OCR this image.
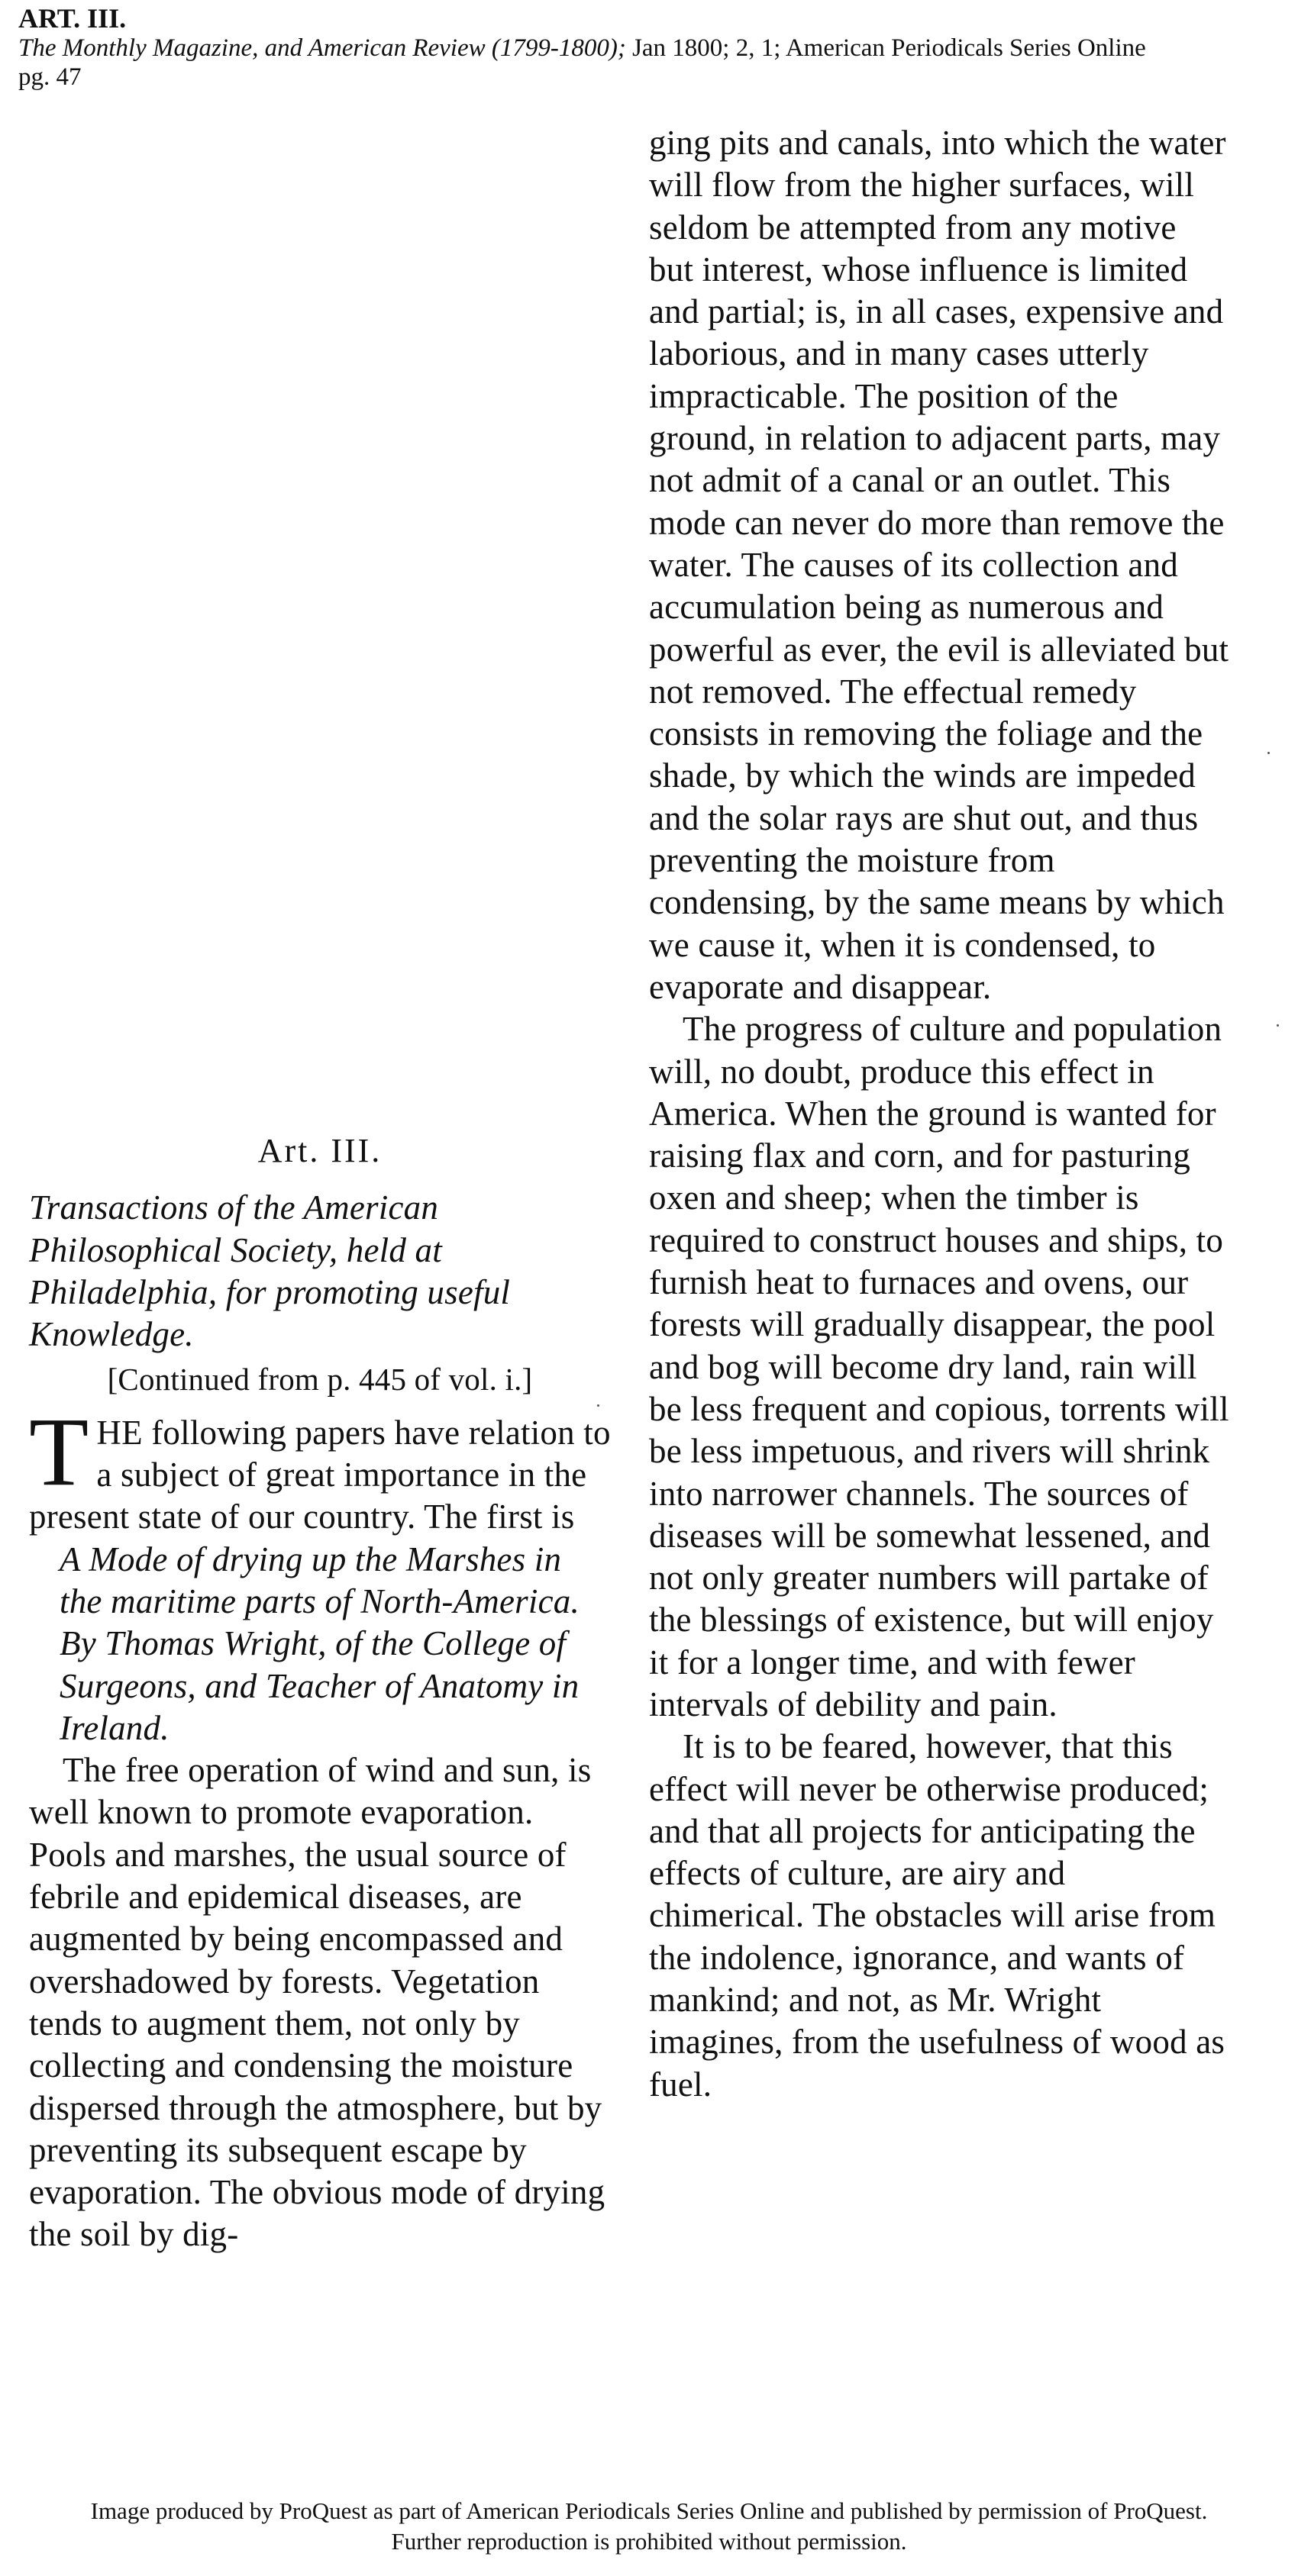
ART. III.
The Monthly Magazine, and American Review (1799-1800); Jan 1800; 2, 1; American Periodicals Series Online
pg. 47
Art. III.

Transactions of the American Philosophical Society, held at Philadelphia, for promoting useful Knowledge.

[Continued from p. 445 of vol. i.]

THE following papers have relation to a subject of great importance in the present state of our country. The first is

A Mode of drying up the Marshes in the maritime parts of North-America. By Thomas Wright, of the College of Surgeons, and Teacher of Anatomy in Ireland.

The free operation of wind and sun, is well known to promote evaporation. Pools and marshes, the usual source of febrile and epidemical diseases, are augmented by being encompassed and overshadowed by forests. Vegetation tends to augment them, not only by collecting and condensing the moisture dispersed through the atmosphere, but by preventing its subsequent escape by evaporation. The obvious mode of drying the soil by dig-

ging pits and canals, into which the water will flow from the higher surfaces, will seldom be attempted from any motive but interest, whose influence is limited and partial; is, in all cases, expensive and laborious, and in many cases utterly impracticable. The position of the ground, in relation to adjacent parts, may not admit of a canal or an outlet. This mode can never do more than remove the water. The causes of its collection and accumulation being as numerous and powerful as ever, the evil is alleviated but not removed. The effectual remedy consists in removing the foliage and the shade, by which the winds are impeded and the solar rays are shut out, and thus preventing the moisture from condensing, by the same means by which we cause it, when it is condensed, to evaporate and disappear.

The progress of culture and population will, no doubt, produce this effect in America. When the ground is wanted for raising flax and corn, and for pasturing oxen and sheep; when the timber is required to construct houses and ships, to furnish heat to furnaces and ovens, our forests will gradually disappear, the pool and bog will become dry land, rain will be less frequent and copious, torrents will be less impetuous, and rivers will shrink into narrower channels. The sources of diseases will be somewhat lessened, and not only greater numbers will partake of the blessings of existence, but will enjoy it for a longer time, and with fewer intervals of debility and pain.

It is to be feared, however, that this effect will never be otherwise produced; and that all projects for anticipating the effects of culture, are airy and chimerical. The obstacles will arise from the indolence, ignorance, and wants of mankind; and not, as Mr. Wright imagines, from the usefulness of wood as fuel.

Image produced by ProQuest as part of American Periodicals Series Online and published by permission of ProQuest.
Further reproduction is prohibited without permission.
